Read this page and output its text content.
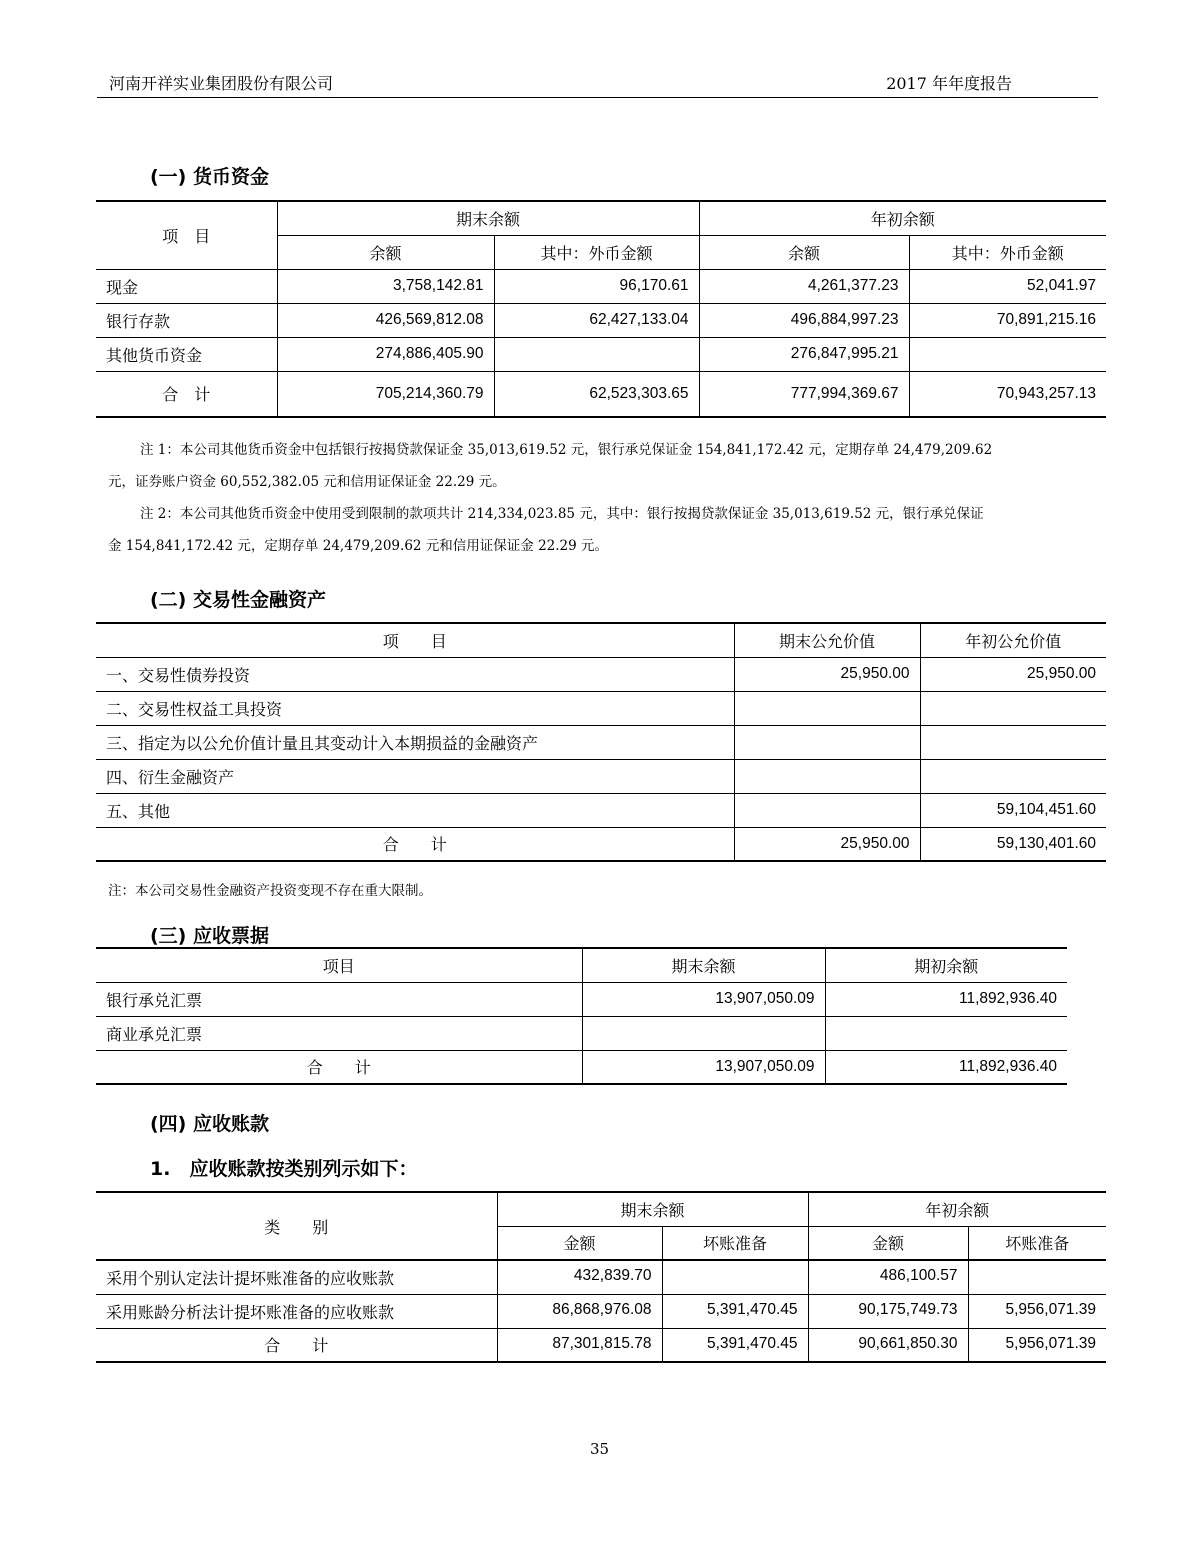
河南开祥实业集团股份有限公司	2017 年年度报告
(一) 货币资金
项　目	期末余额		年初余额	
	余额	其中：外币金额	余额	其中：外币金额
现金	3,758,142.81	96,170.61	4,261,377.23	52,041.97
银行存款	426,569,812.08	62,427,133.04	496,884,997.23	70,891,215.16
其他货币资金	274,886,405.90		276,847,995.21	
合　计	705,214,360.79	62,523,303.65	777,994,369.67	70,943,257.13
注 1：本公司其他货币资金中包括银行按揭贷款保证金 35,013,619.52 元，银行承兑保证金 154,841,172.42 元，定期存单 24,479,209.62
元，证券账户资金 60,552,382.05 元和信用证保证金 22.29 元。
注 2：本公司其他货币资金中使用受到限制的款项共计 214,334,023.85 元，其中：银行按揭贷款保证金 35,013,619.52 元，银行承兑保证
金 154,841,172.42 元，定期存单 24,479,209.62 元和信用证保证金 22.29 元。
(二) 交易性金融资产
项　　目	期末公允价值	年初公允价值
一、交易性债券投资	25,950.00	25,950.00
二、交易性权益工具投资		
三、指定为以公允价值计量且其变动计入本期损益的金融资产		
四、衍生金融资产		
五、其他		59,104,451.60
合　　计	25,950.00	59,130,401.60
注：本公司交易性金融资产投资变现不存在重大限制。
(三) 应收票据
项目	期末余额	期初余额
银行承兑汇票	13,907,050.09	11,892,936.40
商业承兑汇票		
合　　计	13,907,050.09	11,892,936.40
(四) 应收账款
1.　应收账款按类别列示如下：
类　　别	期末余额		年初余额	
	金额	坏账准备	金额	坏账准备
采用个别认定法计提坏账准备的应收账款	432,839.70		486,100.57	
采用账龄分析法计提坏账准备的应收账款	86,868,976.08	5,391,470.45	90,175,749.73	5,956,071.39
合　　计	87,301,815.78	5,391,470.45	90,661,850.30	5,956,071.39
35
